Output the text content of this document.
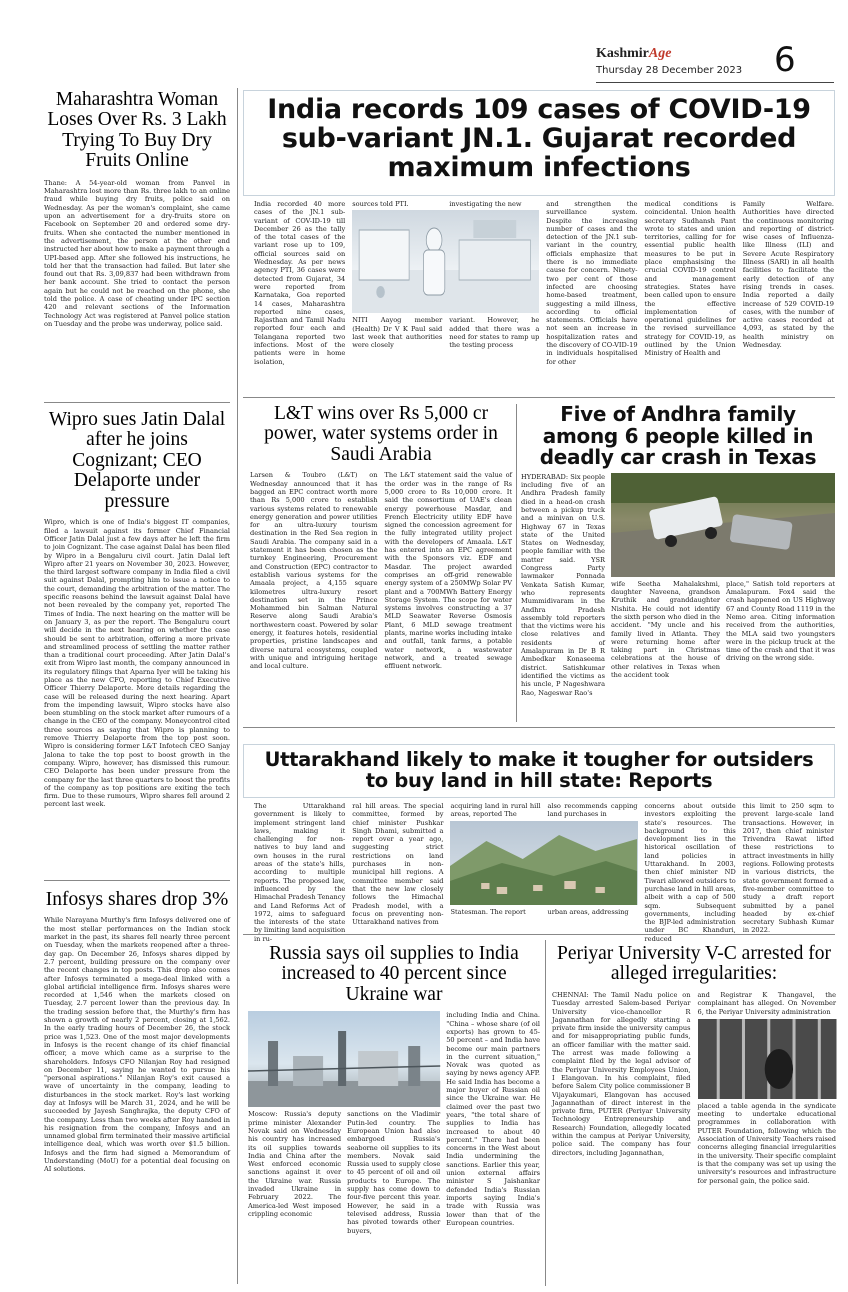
KashmirAge
Thursday 28 December 2023 6
Maharashtra Woman Loses Over Rs. 3 Lakh Trying To Buy Dry Fruits Online
Thane: A 54-year-old woman from Panvel in Maharashtra lost more than Rs. three lakh to an online fraud while buying dry fruits, police said on Wednesday. As per the woman's complaint, she came upon an advertisement for a dry-fruits store on Facebook on September 20 and ordered some dry-fruits. When she contacted the number mentioned in the advertisement, the person at the other end instructed her about how to make a payment through a UPI-based app. After she followed his instructions, he told her that the transaction had failed. But later she found out that Rs. 3,09,837 had been withdrawn from her bank account. She tried to contact the person again but he could not be reached on the phone, she told the police. A case of cheating under IPC section 420 and relevant sections of the Information Technology Act was registered at Panvel police station on Tuesday and the probe was underway, police said.
Wipro sues Jatin Dalal after he joins Cognizant; CEO Delaporte under pressure
Wipro, which is one of India's biggest IT companies, filed a lawsuit against its former Chief Financial Officer Jatin Dalal just a few days after he left the firm to join Cognizant. The case against Dalal has been filed by Wipro in a Bengaluru civil court. Jatin Dalal left Wipro after 21 years on November 30, 2023. However, the third largest software company in India filed a civil suit against Dalal, prompting him to issue a notice to the court, demanding the arbitration of the matter. The specific reasons behind the lawsuit against Dalal have not been revealed by the company yet, reported The Times of India. The next hearing on the matter will be on January 3, as per the report. The Bengaluru court will decide in the next hearing on whether the case should be sent to arbitration, offering a more private and streamlined process of settling the matter rather than a traditional court proceeding. After Jatin Dalal's exit from Wipro last month, the company announced in its regulatory filings that Aparna Iyer will be taking his place as the new CFO, reporting to Chief Executive Officer Thierry Delaporte. More details regarding the case will be released during the next hearing. Apart from the impending lawsuit, Wipro stocks have also been stumbling on the stock market after rumours of a change in the CEO of the company. Moneycontrol cited three sources as saying that Wipro is planning to remove Thierry Delaporte from the top post soon. Wipro is considering former L&T Infotech CEO Sanjay Jalona to take the top post to boost growth in the company. Wipro, however, has dismissed this rumour. CEO Delaporte has been under pressure from the company for the last three quarters to boost the profits of the company as top positions are exiting the tech firm. Due to these rumours, Wipro shares fell around 2 percent last week.
Infosys shares drop 3%
While Narayana Murthy's firm Infosys delivered one of the most stellar performances on the Indian stock market in the past, its shares fell nearly three percent on Tuesday, when the markets reopened after a three-day gap. On December 26, Infosys shares dipped by 2.7 percent, building pressure on the company over the recent changes in top posts. This drop also comes after Infosys terminated a mega-deal linked with a global artificial intelligence firm. Infosys shares were recorded at 1,546 when the markets closed on Tuesday, 2.7 percent lower than the previous day. In the trading session before that, the Murthy's firm has shown a growth of nearly 2 percent, closing at 1,562. In the early trading hours of December 26, the stock price was 1,523. One of the most major developments in Infosys is the recent change of its chief financial officer, a move which came as a surprise to the shareholders. Infosys CFO Nilanjan Roy had resigned on December 11, saying he wanted to pursue his "personal aspirations." Nilanjan Roy's exit caused a wave of uncertainty in the company, leading to disturbances in the stock market. Roy's last working day at Infosys will be March 31, 2024, and he will be succeeded by Jayesh Sanghrajka, the deputy CFO of the company. Less than two weeks after Roy handed in his resignation from the company, Infosys and an unnamed global firm terminated their massive artificial intelligence deal, which was worth over $1.5 billion. Infosys and the firm had signed a Memorandum of Understanding (MoU) for a potential deal focusing on AI solutions.
India records 109 cases of COVID-19 sub-variant JN.1. Gujarat recorded maximum infections
India recorded 40 more cases of the JN.1 sub-variant of COV-ID-19 till December 26 as the tally of the total cases of the variant rose up to 109, official sources said on Wednesday. As per news agency PTI, 36 cases were detected from Gujarat, 34 were reported from Karnataka, Goa reported 14 cases, Maharashtra reported nine cases, Rajasthan and Tamil Nadu reported four each and Telangana reported two infections. Most of the patients were in home isolation,
sources told PTI.	investigating the new
NITI Aayog member (Health) Dr V K Paul said last week that authorities were closely
variant. However, he added that there was a need for states to ramp up the testing process
and strengthen the surveillance system. Despite the increasing number of cases and the detection of the JN.1 sub-variant in the country, officials emphasize that there is no immediate cause for concern. Ninety-two per cent of those infected are choosing home-based treatment, suggesting a mild illness, according to official statements. Officials have not seen an increase in hospitalization rates and the discovery of CO-VID-19 in individuals hospitalised for other
medical conditions is coincidental. Union health secretary Sudhansh Pant wrote to states and union territories, calling for for essential public health measures to be put in place emphasising the crucial COVID-19 control and management strategies. States have been called upon to ensure the effective implementation of operational guidelines for the revised surveillance strategy for COVID-19, as outlined by the Union Ministry of Health and
Family Welfare. Authorities have directed the continuous monitoring and reporting of district-wise cases of Influenza-like Illness (ILI) and Severe Acute Respiratory Illness (SARI) in all health facilities to facilitate the early detection of any rising trends in cases. India reported a daily increase of 529 COVID-19 cases, with the number of active cases recorded at 4,093, as stated by the health ministry on Wednesday.
L&T wins over Rs 5,000 cr power, water systems order in Saudi Arabia
Larsen & Toubro (L&T) on Wednesday announced that it has bagged an EPC contract worth more than Rs 5,000 crore to establish various systems related to renewable energy generation and power utilities for an ultra-luxury tourism destination in the Red Sea region in Saudi Arabia. The company said in a statement it has been chosen as the turnkey Engineering, Procurement and Construction (EPC) contractor to establish various systems for the Amaala project, a 4,155 square kilometres ultra-luxury resort destination set in the Prince Mohammed bin Salman Natural Reserve along Saudi Arabia's northwestern coast. Powered by solar energy, it features hotels, residential properties, pristine landscapes and diverse natural ecosystems, coupled with unique and intriguing heritage and local culture.
The L&T statement said the value of the order was in the range of Rs 5,000 crore to Rs 10,000 crore. It said the consortium of UAE's clean energy powerhouse Masdar, and French Electricity utility EDF have signed the concession agreement for the fully integrated utility project with the developers of Amaala. L&T has entered into an EPC agreement with the Sponsors viz. EDF and Masdar. The project awarded comprises an off-grid renewable energy system of a 250MWp Solar PV plant and a 700MWh Battery Energy Storage System. The scope for water systems involves constructing a 37 MLD Seawater Reverse Osmosis Plant, 6 MLD sewage treatment plants, marine works including intake and outfall, tank farms, a potable water network, a wastewater network, and a treated sewage effluent network.
Five of Andhra family among 6 people killed in deadly car crash in Texas
HYDERABAD: Six people including five of an Andhra Pradesh family died in a head-on crash between a pickup truck and a minivan on U.S. Highway 67 in Texas state of the United States on Wednesday, people familiar with the matter said. YSR Congress Party lawmaker Ponnada Venkata Satish Kumar, who represents Mummidivaram in the Andhra Pradesh assembly told reporters that the victims were his close relatives and residents of Amalapuram in Dr B R Ambedkar Konaseema district. Satishkumar identified the victims as his uncle, P Nageshwara Rao, Nageswar Rao's
wife Seetha Mahalakshmi, daughter Naveena, grandson Kruthik and granddaughter Nishita. He could not identify the sixth person who died in the accident. "My uncle and his family lived in Atlanta. They were returning home after taking part in Christmas celebrations at the house of other relatives in Texas when the accident took
place," Satish told reporters at Amalapuram. Fox4 said the crash happened on US Highway 67 and County Road 1119 in the Nemo area. Citing information received from the authorities, the MLA said two youngsters were in the pickup truck at the time of the crash and that it was driving on the wrong side.
Uttarakhand likely to make it tougher for outsiders to buy land in hill state: Reports
The Uttarakhand government is likely to implement stringent land laws, making it challenging for non-natives to buy land and own houses in the rural areas of the state's hills, according to multiple reports. The proposed law, influenced by the Himachal Pradesh Tenancy and Land Reforms Act of 1972, aims to safeguard the interests of the state by limiting land acquisition in ru-
ral hill areas. The special committee, formed by chief minister Pushkar Singh Dhami, submitted a report over a year ago, suggesting strict restrictions on land purchases in non-municipal hill regions. A committee member said that the new law closely follows the Himachal Pradesh model, with a focus on preventing non-Uttarakhand natives from
acquiring land in rural hill areas, reported The
also recommends capping land purchases in
Statesman. The report	urban areas, addressing
concerns about outside investors exploiting the state's resources. The background to this development lies in the historical oscillation of land policies in Uttarakhand. In 2003, then chief minister ND Tiwari allowed outsiders to purchase land in hill areas, albeit with a cap of 500 sqm. Subsequent governments, including the BJP-led administration under BC Khanduri, reduced
this limit to 250 sqm to prevent large-scale land transactions. However, in 2017, then chief minister Trivendra Rawat lifted these restrictions to attract investments in hilly regions. Following protests in various districts, the state government formed a five-member committee to study a draft report submitted by a panel headed by ex-chief secretary Subhash Kumar in 2022.
Russia says oil supplies to India increased to 40 percent since Ukraine war
Moscow: Russia's deputy prime minister Alexander Novak said on Wednesday his country has increased its oil supplies towards India and China after the West enforced economic sanctions against it over the Ukraine war. Russia invaded Ukraine in February 2022. The America-led West imposed crippling economic
sanctions on the Vladimir Putin-led country. The European Union had also embargoed Russia's seaborne oil supplies to its members. Novak said Russia used to supply close to 45 percent of oil and oil products to Europe. The supply has come down to four-five percent this year. However, he said in a televised address, Russia has pivoted towards other buyers,
including India and China. "China – whose share (of oil exports) has grown to 45-50 percent – and India have become our main partners in the current situation," Novak was quoted as saying by news agency AFP. He said India has become a major buyer of Russian oil since the Ukraine war. He claimed over the past two years, "the total share of supplies to India has increased to about 40 percent." There had been concerns in the West about India undermining the sanctions. Earlier this year, union external affairs minister S Jaishankar defended India's Russian imports saying India's trade with Russia was lower than that of the European countries.
Periyar University V-C arrested for alleged irregularities:
CHENNAI: The Tamil Nadu police on Tuesday arrested Salem-based Periyar University vice-chancellor R Jagannathan for allegedly starting a private firm inside the university campus and for misappropriating public funds, an officer familiar with the matter said. The arrest was made following a complaint filed by the legal advisor of the Periyar University Employees Union, I Elangovan. In his complaint, filed before Salem City police commissioner B Vijayakumari, Elangovan has accused Jagannathan of direct interest in the private firm, PUTER (Periyar University Technology Entrepreneurship and Research) Foundation, allegedly located within the campus at Periyar University, police said. The company has four directors, including Jagannathan,
and Registrar K Thangavel, the complainant has alleged. On November 6, the Periyar University administration
placed a table agenda in the syndicate meeting to undertake educational programmes in collaboration with PUTER Foundation, following which the Association of University Teachers raised concerns alleging financial irregularities in the university. Their specific complaint is that the company was set up using the university's resources and infrastructure for personal gain, the police said.
